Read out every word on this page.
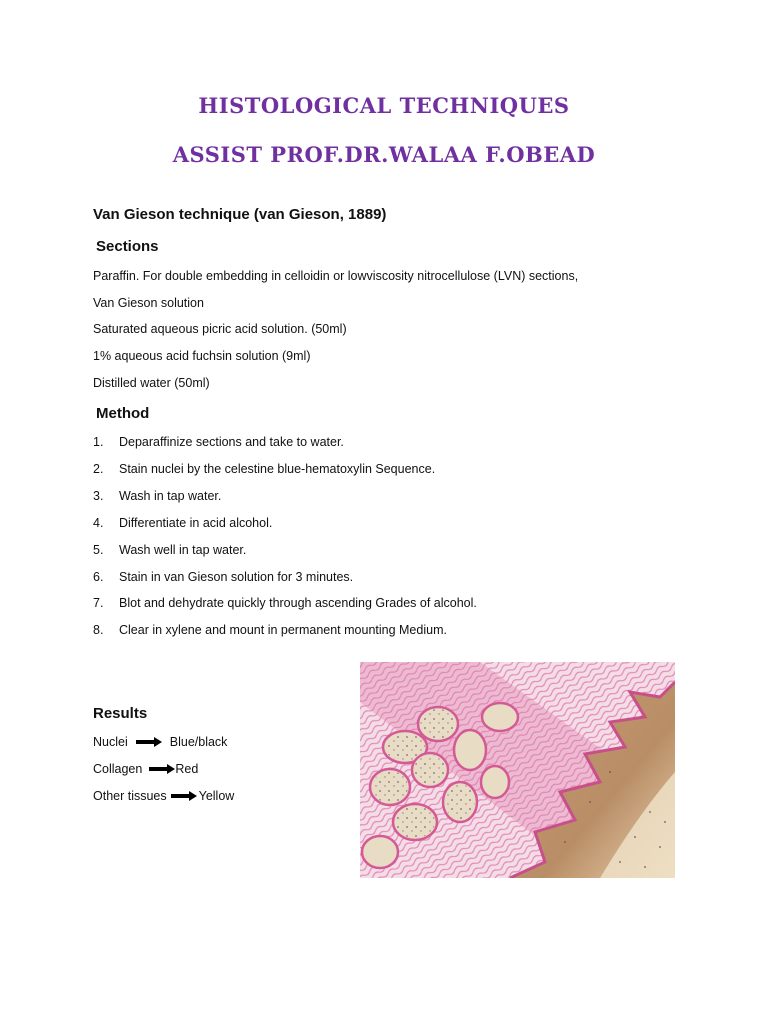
HISTOLOGICAL TECHNIQUES
ASSIST PROF.DR.WALAA F.OBEAD
Van Gieson technique (van Gieson, 1889)
Sections
Paraffin. For double embedding in celloidin or lowviscosity nitrocellulose (LVN) sections,
Van Gieson solution
Saturated aqueous picric acid solution. (50ml)
1% aqueous acid fuchsin solution (9ml)
Distilled water (50ml)
Method
1. Deparaffinize sections and take to water.
2. Stain nuclei by the celestine blue-hematoxylin Sequence.
3. Wash in tap water.
4. Differentiate in acid alcohol.
5. Wash well in tap water.
6. Stain in van Gieson solution for 3 minutes.
7. Blot and dehydrate quickly through ascending Grades of alcohol.
8. Clear in xylene and mount in permanent mounting Medium.
Results
Nuclei	Blue/black
Collagen	Red
Other tissues	Yellow
